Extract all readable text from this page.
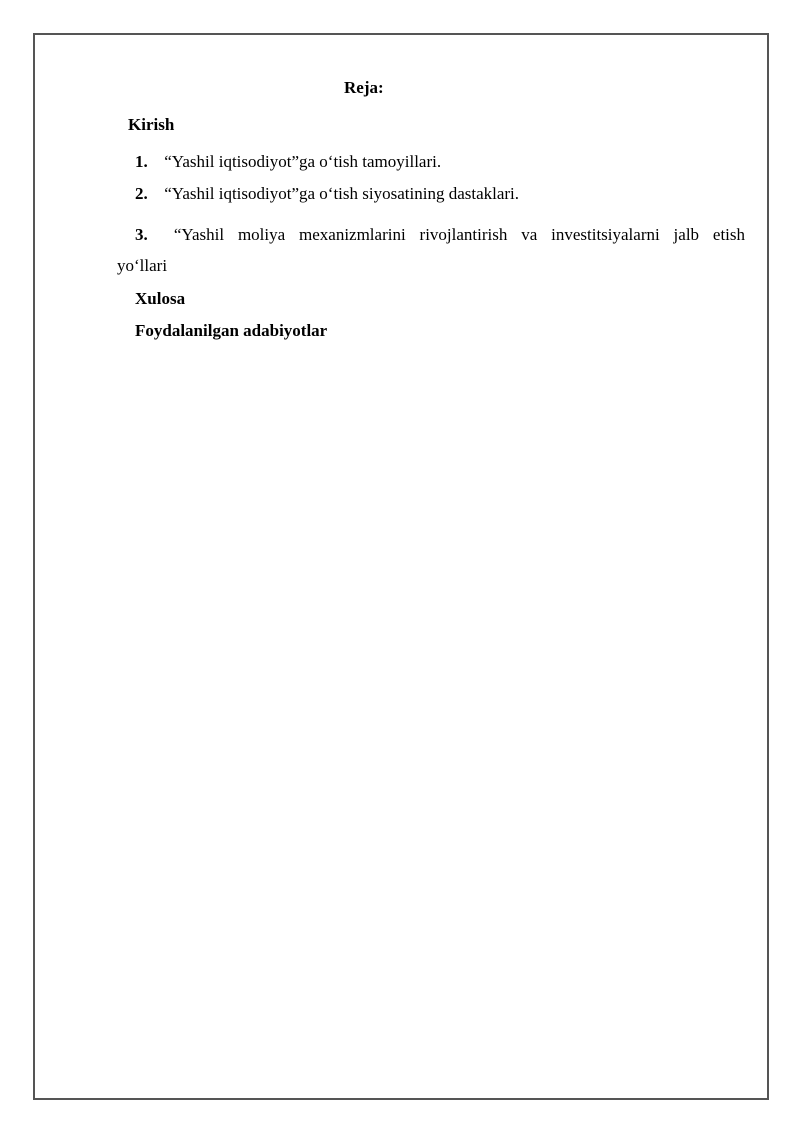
Reja:
Kirish
1. “Yashil iqtisodiyot”ga o‘tish tamoyillari.
2. “Yashil iqtisodiyot”ga o‘tish siyosatining dastaklari.
3. “Yashil moliya mexanizmlarini rivojlantirish va investitsiyalarni jalb etish
yo‘llari
Xulosa
Foydalanilgan adabiyotlar
